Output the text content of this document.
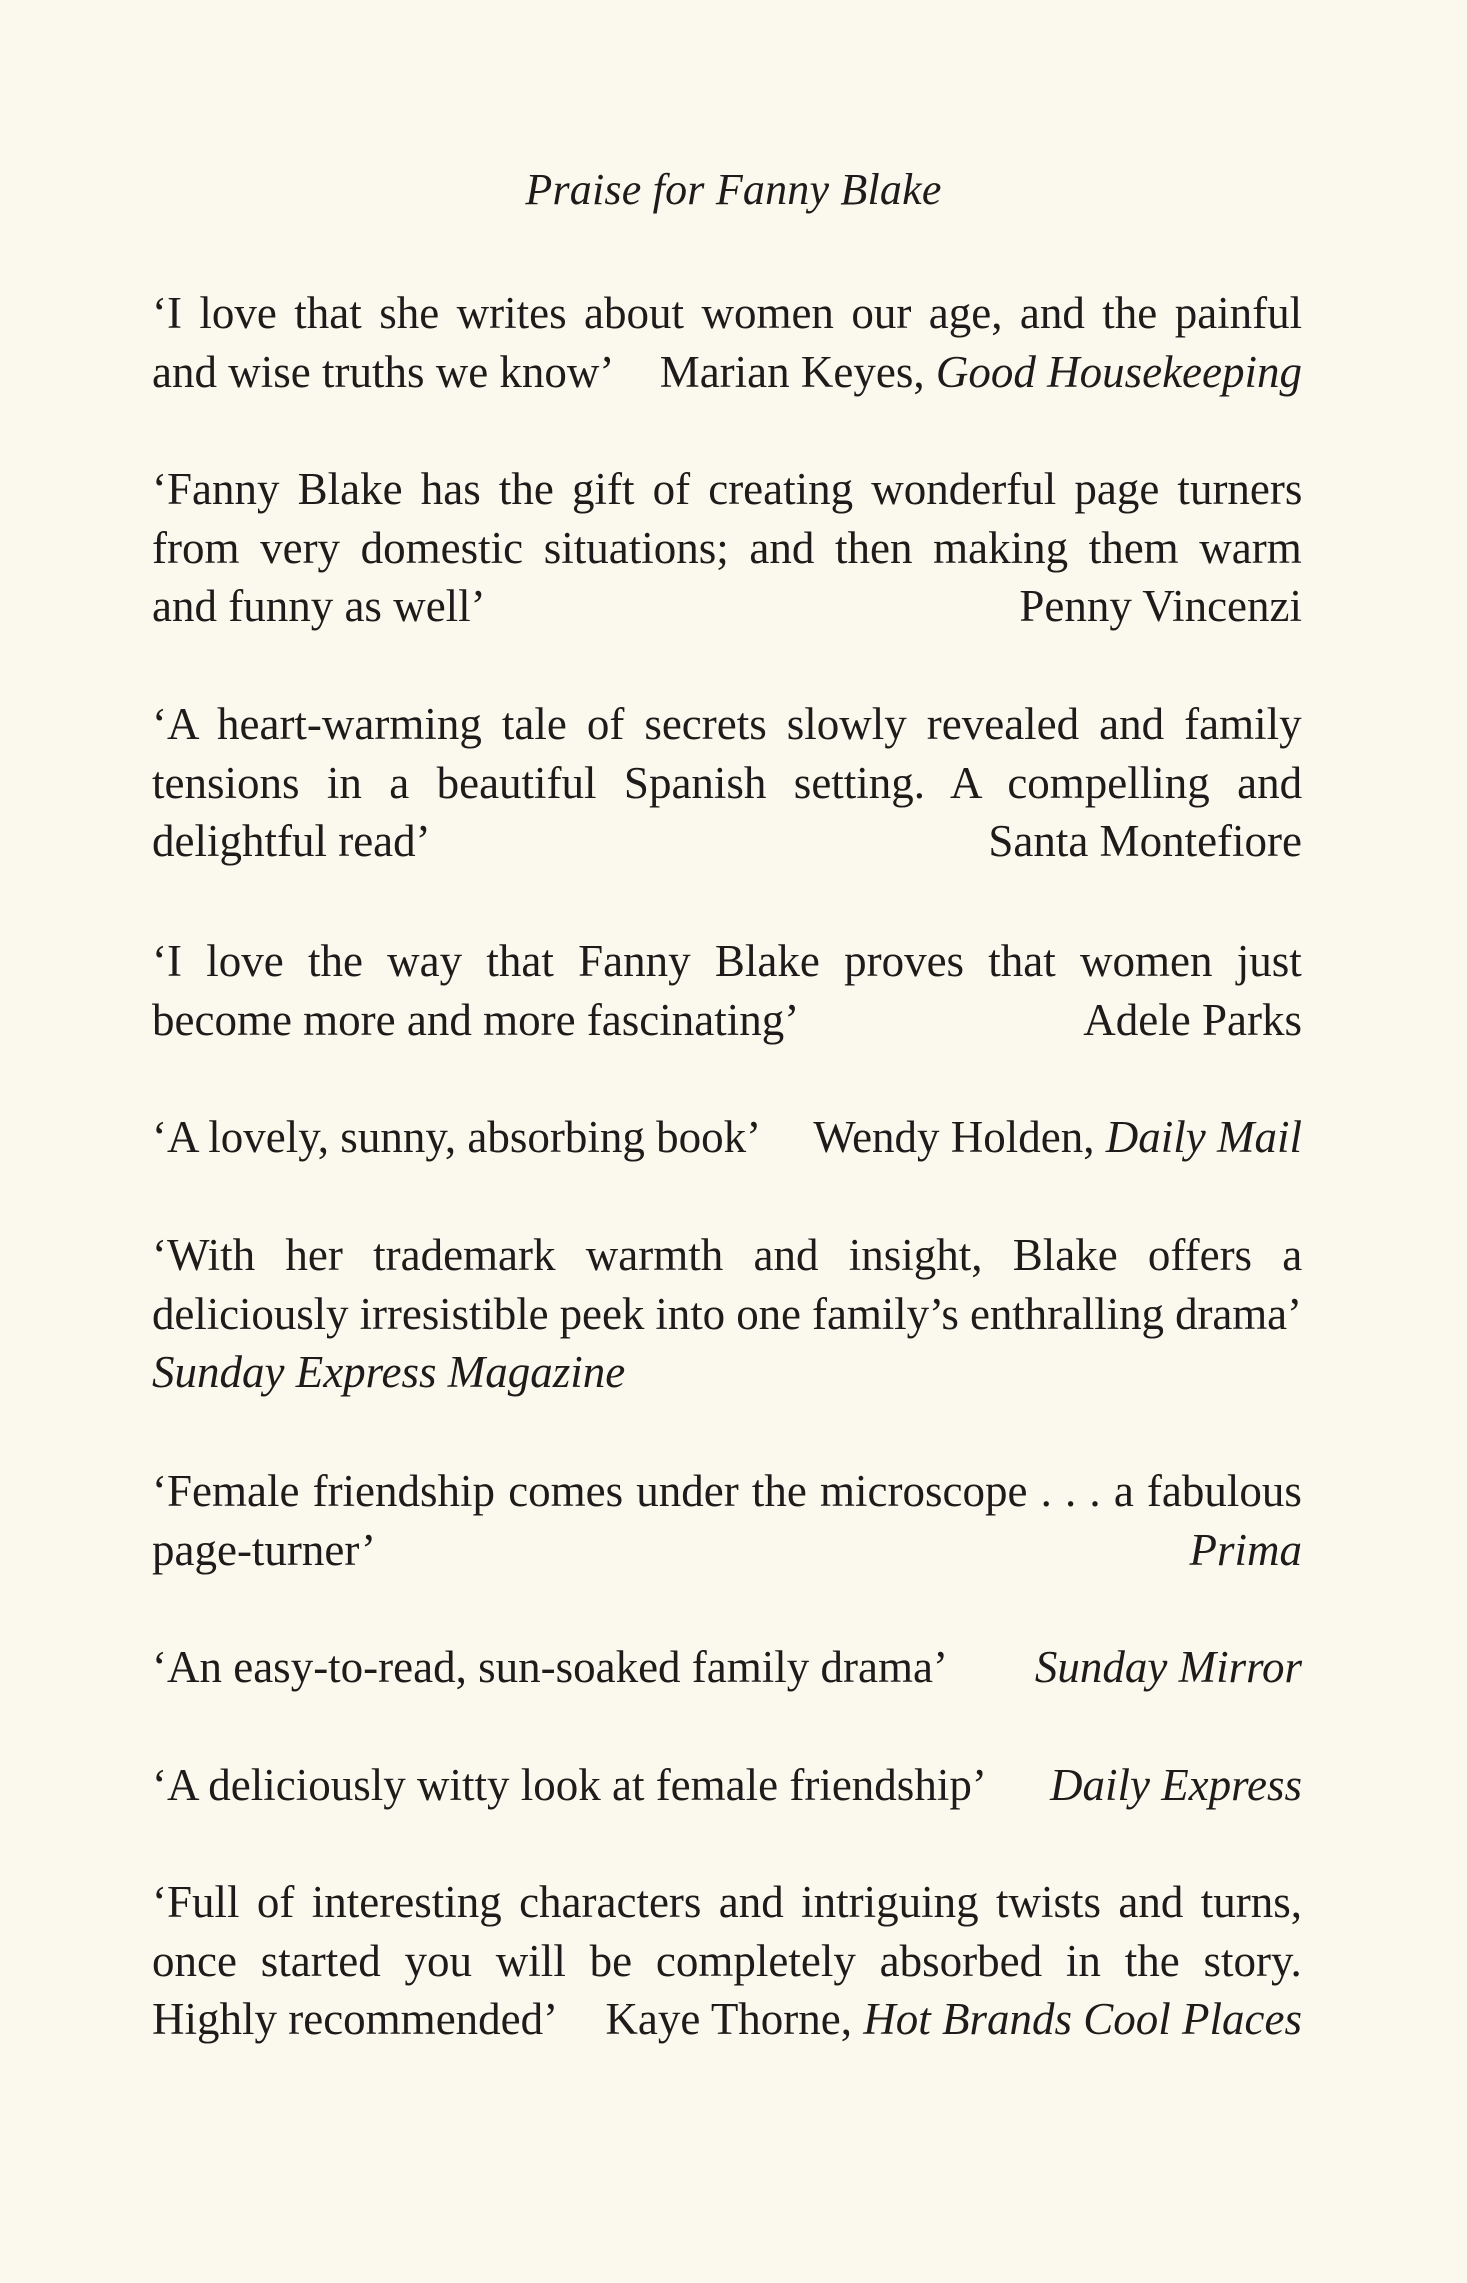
Praise for Fanny Blake
‘I love that she writes about women our age, and the painful
and wise truths we know’ Marian Keyes, Good Housekeeping
‘Fanny Blake has the gift of creating wonderful page turners
from very domestic situations; and then making them warm
and funny as well’	Penny Vincenzi
‘A heart-warming tale of secrets slowly revealed and family
tensions in a beautiful Spanish setting. A compelling and
delightful read’	Santa Montefiore
‘I love the way that Fanny Blake proves that women just
become more and more fascinating’	Adele Parks
‘A lovely, sunny, absorbing book’ Wendy Holden, Daily Mail
‘With her trademark warmth and insight, Blake offers a
deliciously irresistible peek into one family’s enthralling drama’
Sunday Express Magazine
‘Female friendship comes under the microscope . . . a fabulous
page-turner’	Prima
‘An easy-to-read, sun-soaked family drama’ Sunday Mirror
‘A deliciously witty look at female friendship’ Daily Express
‘Full of interesting characters and intriguing twists and turns,
once started you will be completely absorbed in the story.
Highly recommended’ Kaye Thorne, Hot Brands Cool Places
